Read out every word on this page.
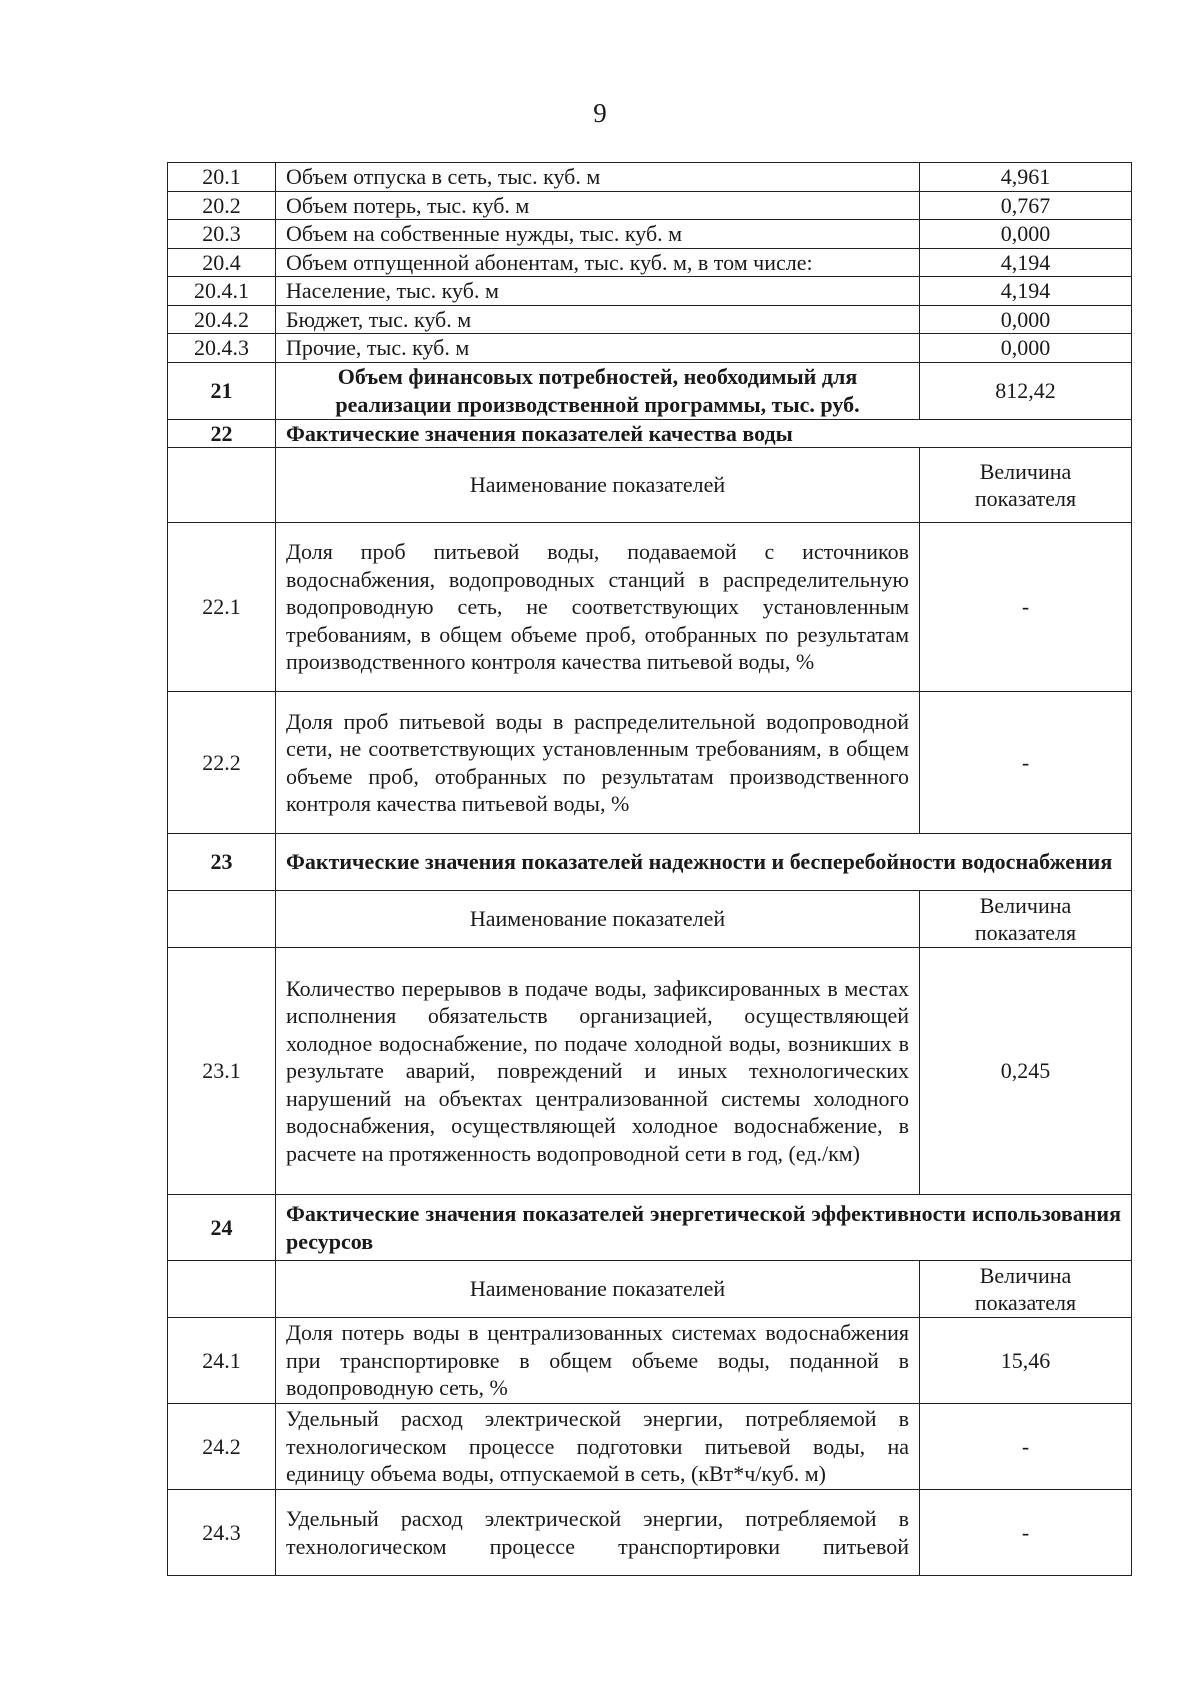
9
20.1	Объем отпуска в сеть, тыс. куб. м	4,961
20.2	Объем потерь, тыс. куб. м	0,767
20.3	Объем на собственные нужды, тыс. куб. м	0,000
20.4	Объем отпущенной абонентам, тыс. куб. м, в том числе:	4,194
20.4.1	Население, тыс. куб. м	4,194
20.4.2	Бюджет, тыс. куб. м	0,000
20.4.3	Прочие, тыс. куб. м	0,000
21	Объем финансовых потребностей, необходимый для реализации производственной программы, тыс. руб.	812,42
22	Фактические значения показателей качества воды	
	Наименование показателей	Величина показателя
22.1	Доля проб питьевой воды, подаваемой с источников водоснабжения, водопроводных станций в распределительную водопроводную сеть, не соответствующих установленным требованиям, в общем объеме проб, отобранных по результатам производственного контроля качества питьевой воды, %	-
22.2	Доля проб питьевой воды в распределительной водопроводной сети, не соответствующих установленным требованиям, в общем объеме проб, отобранных по результатам производственного контроля качества питьевой воды, %	-
23	Фактические значения показателей надежности и бесперебойности водоснабжения	
	Наименование показателей	Величина показателя
23.1	Количество перерывов в подаче воды, зафиксированных в местах исполнения обязательств организацией, осуществляющей холодное водоснабжение, по подаче холодной воды, возникших в результате аварий, повреждений и иных технологических нарушений на объектах централизованной системы холодного водоснабжения, осуществляющей холодное водоснабжение, в расчете на протяженность водопроводной сети в год, (ед./км)	0,245
24	Фактические значения показателей энергетической эффективности использования ресурсов	
	Наименование показателей	Величина показателя
24.1	Доля потерь воды в централизованных системах водоснабжения при транспортировке в общем объеме воды, поданной в водопроводную сеть, %	15,46
24.2	Удельный расход электрической энергии, потребляемой в технологическом процессе подготовки питьевой воды, на единицу объема воды, отпускаемой в сеть, (кВт*ч/куб. м)	-
24.3	Удельный расход электрической энергии, потребляемой в технологическом процессе транспортировки питьевой	-
